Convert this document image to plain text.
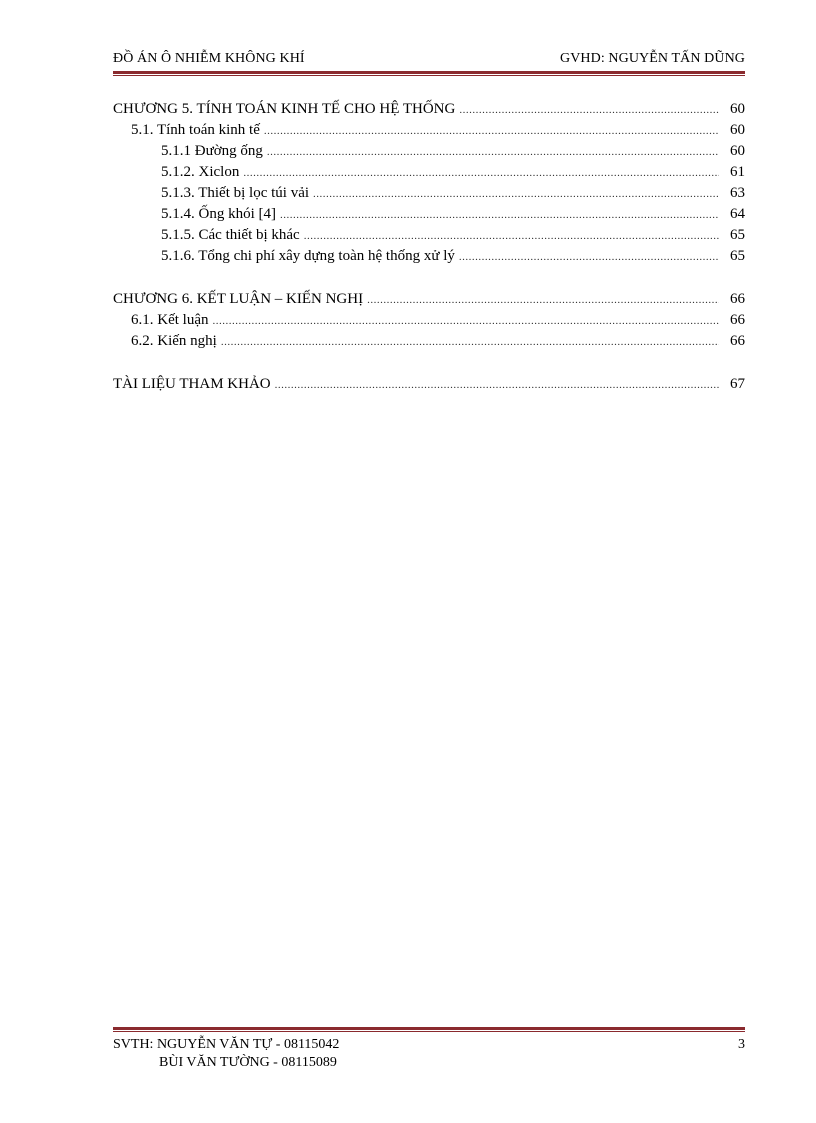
ĐỒ ÁN Ô NHIỄM KHÔNG KHÍ	GVHD: NGUYỄN TẤN DŨNG
CHƯƠNG 5. TÍNH TOÁN KINH TẾ CHO HỆ THỐNG .....	60
5.1. Tính toán kinh tế .....	60
5.1.1 Đường ống .....	60
5.1.2. Xiclon .....	61
5.1.3. Thiết bị lọc túi vải .....	63
5.1.4. Ống khói [4] .....	64
5.1.5. Các thiết bị khác .....	65
5.1.6. Tổng chi phí xây dựng toàn hệ thống xử lý .....	65
CHƯƠNG 6. KẾT LUẬN – KIẾN NGHỊ .....	66
6.1. Kết luận .....	66
6.2. Kiến nghị .....	66
TÀI LIỆU THAM KHẢO .....	67
SVTH: NGUYỄN VĂN TỰ - 08115042	3
BÙI VĂN TƯỜNG - 08115089
